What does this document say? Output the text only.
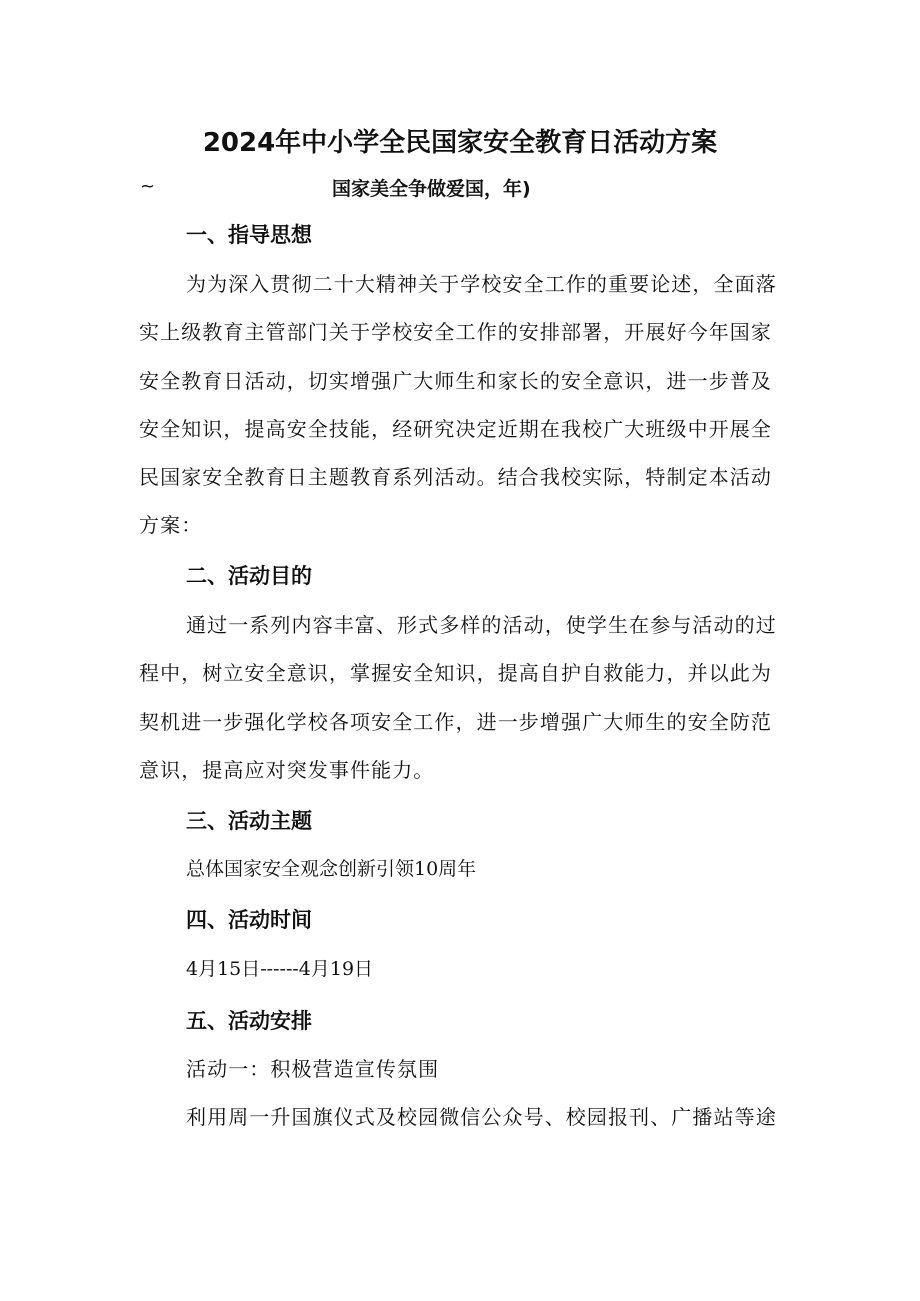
2024年中小学全民国家安全教育日活动方案
~	国家美全争做爱国，年)
一、指导思想
为为深入贯彻二十大精神关于学校安全工作的重要论述，全面落
实上级教育主管部门关于学校安全工作的安排部署，开展好今年国家
安全教育日活动，切实增强广大师生和家长的安全意识，进一步普及
安全知识，提高安全技能，经研究决定近期在我校广大班级中开展全
民国家安全教育日主题教育系列活动。结合我校实际，特制定本活动
方案：
二、活动目的
通过一系列内容丰富、形式多样的活动，使学生在参与活动的过
程中，树立安全意识，掌握安全知识，提高自护自救能力，并以此为
契机进一步强化学校各项安全工作，进一步增强广大师生的安全防范
意识，提高应对突发事件能力。
三、活动主题
总体国家安全观念创新引领10周年
四、活动时间
4月15日------4月19日
五、活动安排
活动一：积极营造宣传氛围
利用周一升国旗仪式及校园微信公众号、校园报刊、广播站等途
